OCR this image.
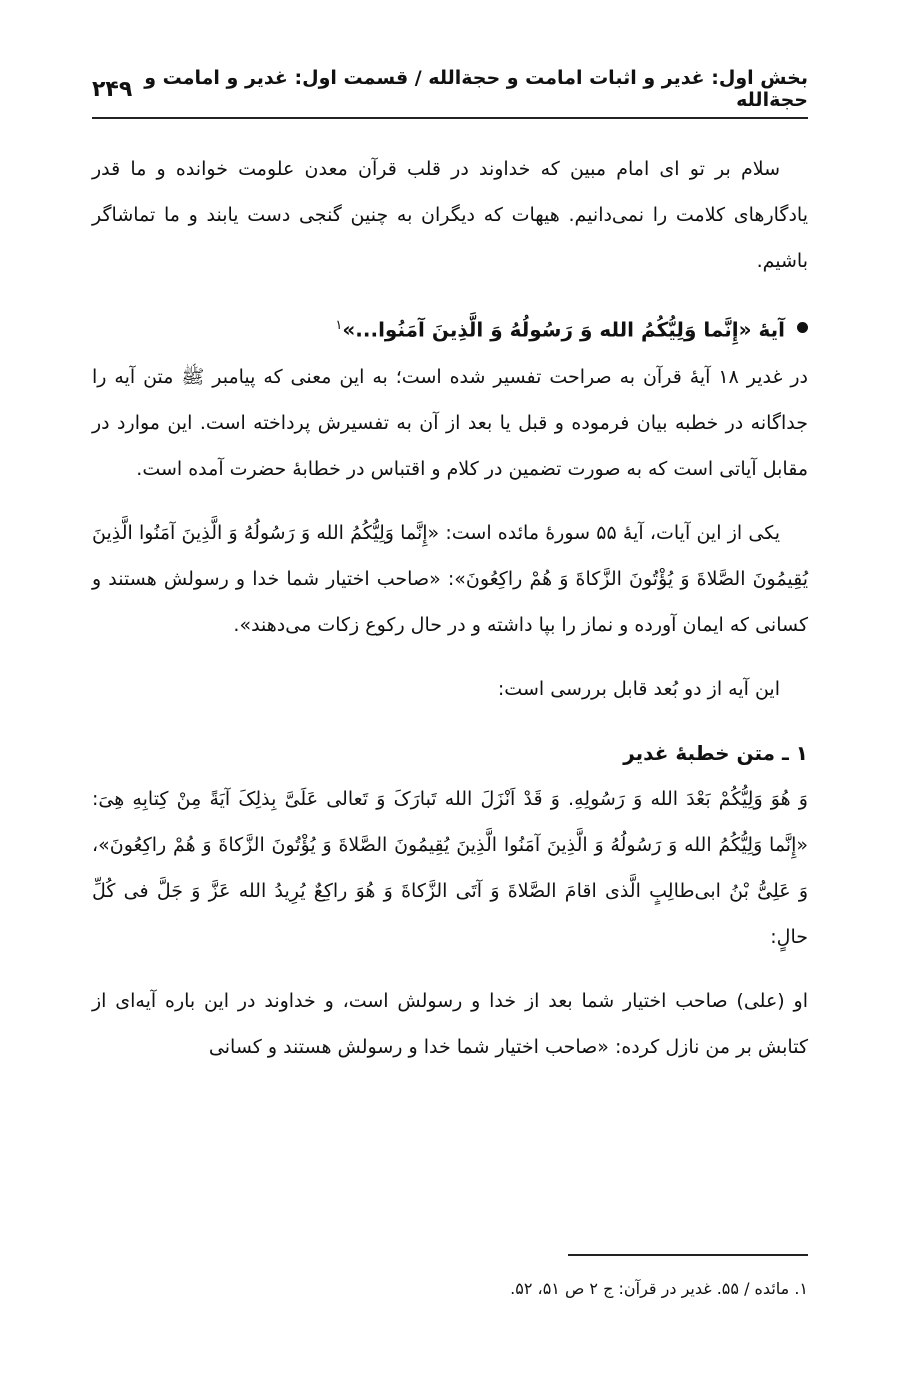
بخش اول: غدیر و اثبات امامت و حجة‌الله / قسمت اول: غدیر و امامت و حجة‌الله
۲۴۹

سلام بر تو ای امام مبین که خداوند در قلب قرآن معدن علومت خوانده و ما قدر یادگارهای کلامت را نمی‌دانیم. هیهات که دیگران به چنین گنجی دست یابند و ما تماشاگر باشیم.

آیهٔ «إِنَّما وَلِیُّکُمُ الله وَ رَسُولُهُ وَ الَّذِینَ آمَنُوا...»$^۱$

در غدیر ۱۸ آیهٔ قرآن به صراحت تفسیر شده است؛ به این معنی که پیامبر ﷺ متن آیه را جداگانه در خطبه بیان فرموده و قبل یا بعد از آن به تفسیرش پرداخته است. این موارد در مقابل آیاتی است که به صورت تضمین در کلام و اقتباس در خطابهٔ حضرت آمده است.

یکی از این آیات، آیهٔ ۵۵ سورهٔ مائده است: «إِنَّما وَلِیُّکُمُ الله وَ رَسُولُهُ وَ الَّذِینَ آمَنُوا الَّذِینَ یُقِیمُونَ الصَّلاةَ وَ یُؤْتُونَ الزَّکاةَ وَ هُمْ راکِعُونَ»: «صاحب اختیار شما خدا و رسولش هستند و کسانی که ایمان آورده و نماز را بپا داشته و در حال رکوع زکات می‌دهند».

این آیه از دو بُعد قابل بررسی است:

۱ ـ متن خطبهٔ غدیر

وَ هُوَ وَلِیُّکُمْ بَعْدَ الله وَ رَسُولِهِ. وَ قَدْ اَنْزَلَ الله تَبارَکَ وَ تَعالی عَلَیَّ بِذلِکَ آیَةً مِنْ کِتابِهِ هِیَ: «إِنَّما وَلِیُّکُمُ الله وَ رَسُولُهُ وَ الَّذِینَ آمَنُوا الَّذِینَ یُقِیمُونَ الصَّلاةَ وَ یُؤْتُونَ الزَّکاةَ وَ هُمْ راکِعُونَ»، وَ عَلِیُّ بْنُ ابی‌طالِبٍ الَّذی اقامَ الصَّلاةَ وَ آتَی الزَّکاةَ وَ هُوَ راکِعٌ یُرِیدُ الله عَزَّ وَ جَلَّ فی کُلِّ حالٍ:

او (علی) صاحب اختیار شما بعد از خدا و رسولش است، و خداوند در این باره آیه‌ای از کتابش بر من نازل کرده: «صاحب اختیار شما خدا و رسولش هستند و کسانی

۱. مائده / ۵۵. غدیر در قرآن: ج ۲ ص ۵۱، ۵۲.
